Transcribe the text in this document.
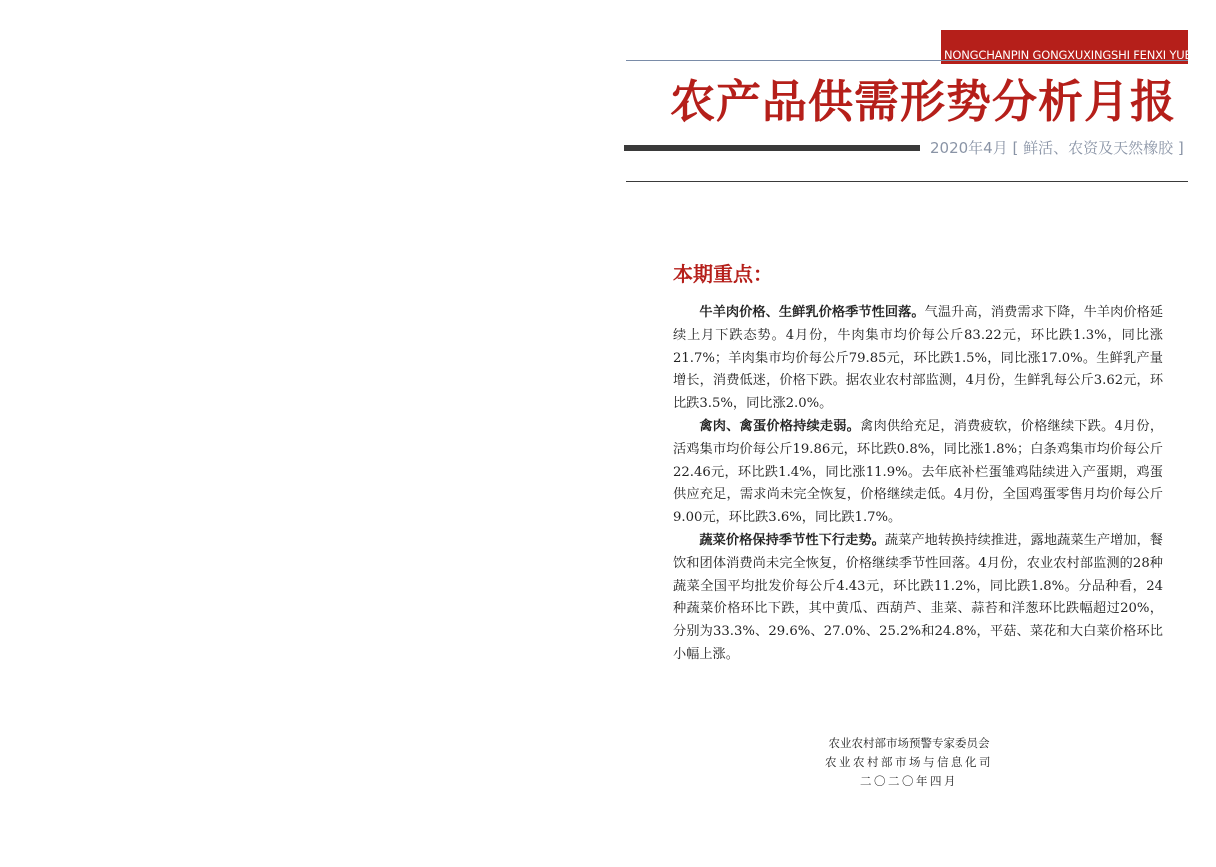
NONGCHANPIN GONGXUXINGSHI FENXI YUEBAO
农产品供需形势分析月报
2020年4月 [ 鲜活、农资及天然橡胶 ]
本期重点：

牛羊肉价格、生鲜乳价格季节性回落。气温升高，消费需求下降，牛羊肉价格延续上月下跌态势。4月份，牛肉集市均价每公斤83.22元，环比跌1.3%，同比涨21.7%；羊肉集市均价每公斤79.85元，环比跌1.5%，同比涨17.0%。生鲜乳产量增长，消费低迷，价格下跌。据农业农村部监测，4月份，生鲜乳每公斤3.62元，环比跌3.5%，同比涨2.0%。

禽肉、禽蛋价格持续走弱。禽肉供给充足，消费疲软，价格继续下跌。4月份，活鸡集市均价每公斤19.86元，环比跌0.8%，同比涨1.8%；白条鸡集市均价每公斤22.46元，环比跌1.4%，同比涨11.9%。去年底补栏蛋雏鸡陆续进入产蛋期，鸡蛋供应充足，需求尚未完全恢复，价格继续走低。4月份，全国鸡蛋零售月均价每公斤9.00元，环比跌3.6%，同比跌1.7%。

蔬菜价格保持季节性下行走势。蔬菜产地转换持续推进，露地蔬菜生产增加，餐饮和团体消费尚未完全恢复，价格继续季节性回落。4月份，农业农村部监测的28种蔬菜全国平均批发价每公斤4.43元，环比跌11.2%，同比跌1.8%。分品种看，24种蔬菜价格环比下跌，其中黄瓜、西葫芦、韭菜、蒜苔和洋葱环比跌幅超过20%，分别为33.3%、29.6%、27.0%、25.2%和24.8%，平菇、菜花和大白菜价格环比小幅上涨。

农业农村部市场预警专家委员会
农业农村部市场与信息化司
二〇二〇年四月
